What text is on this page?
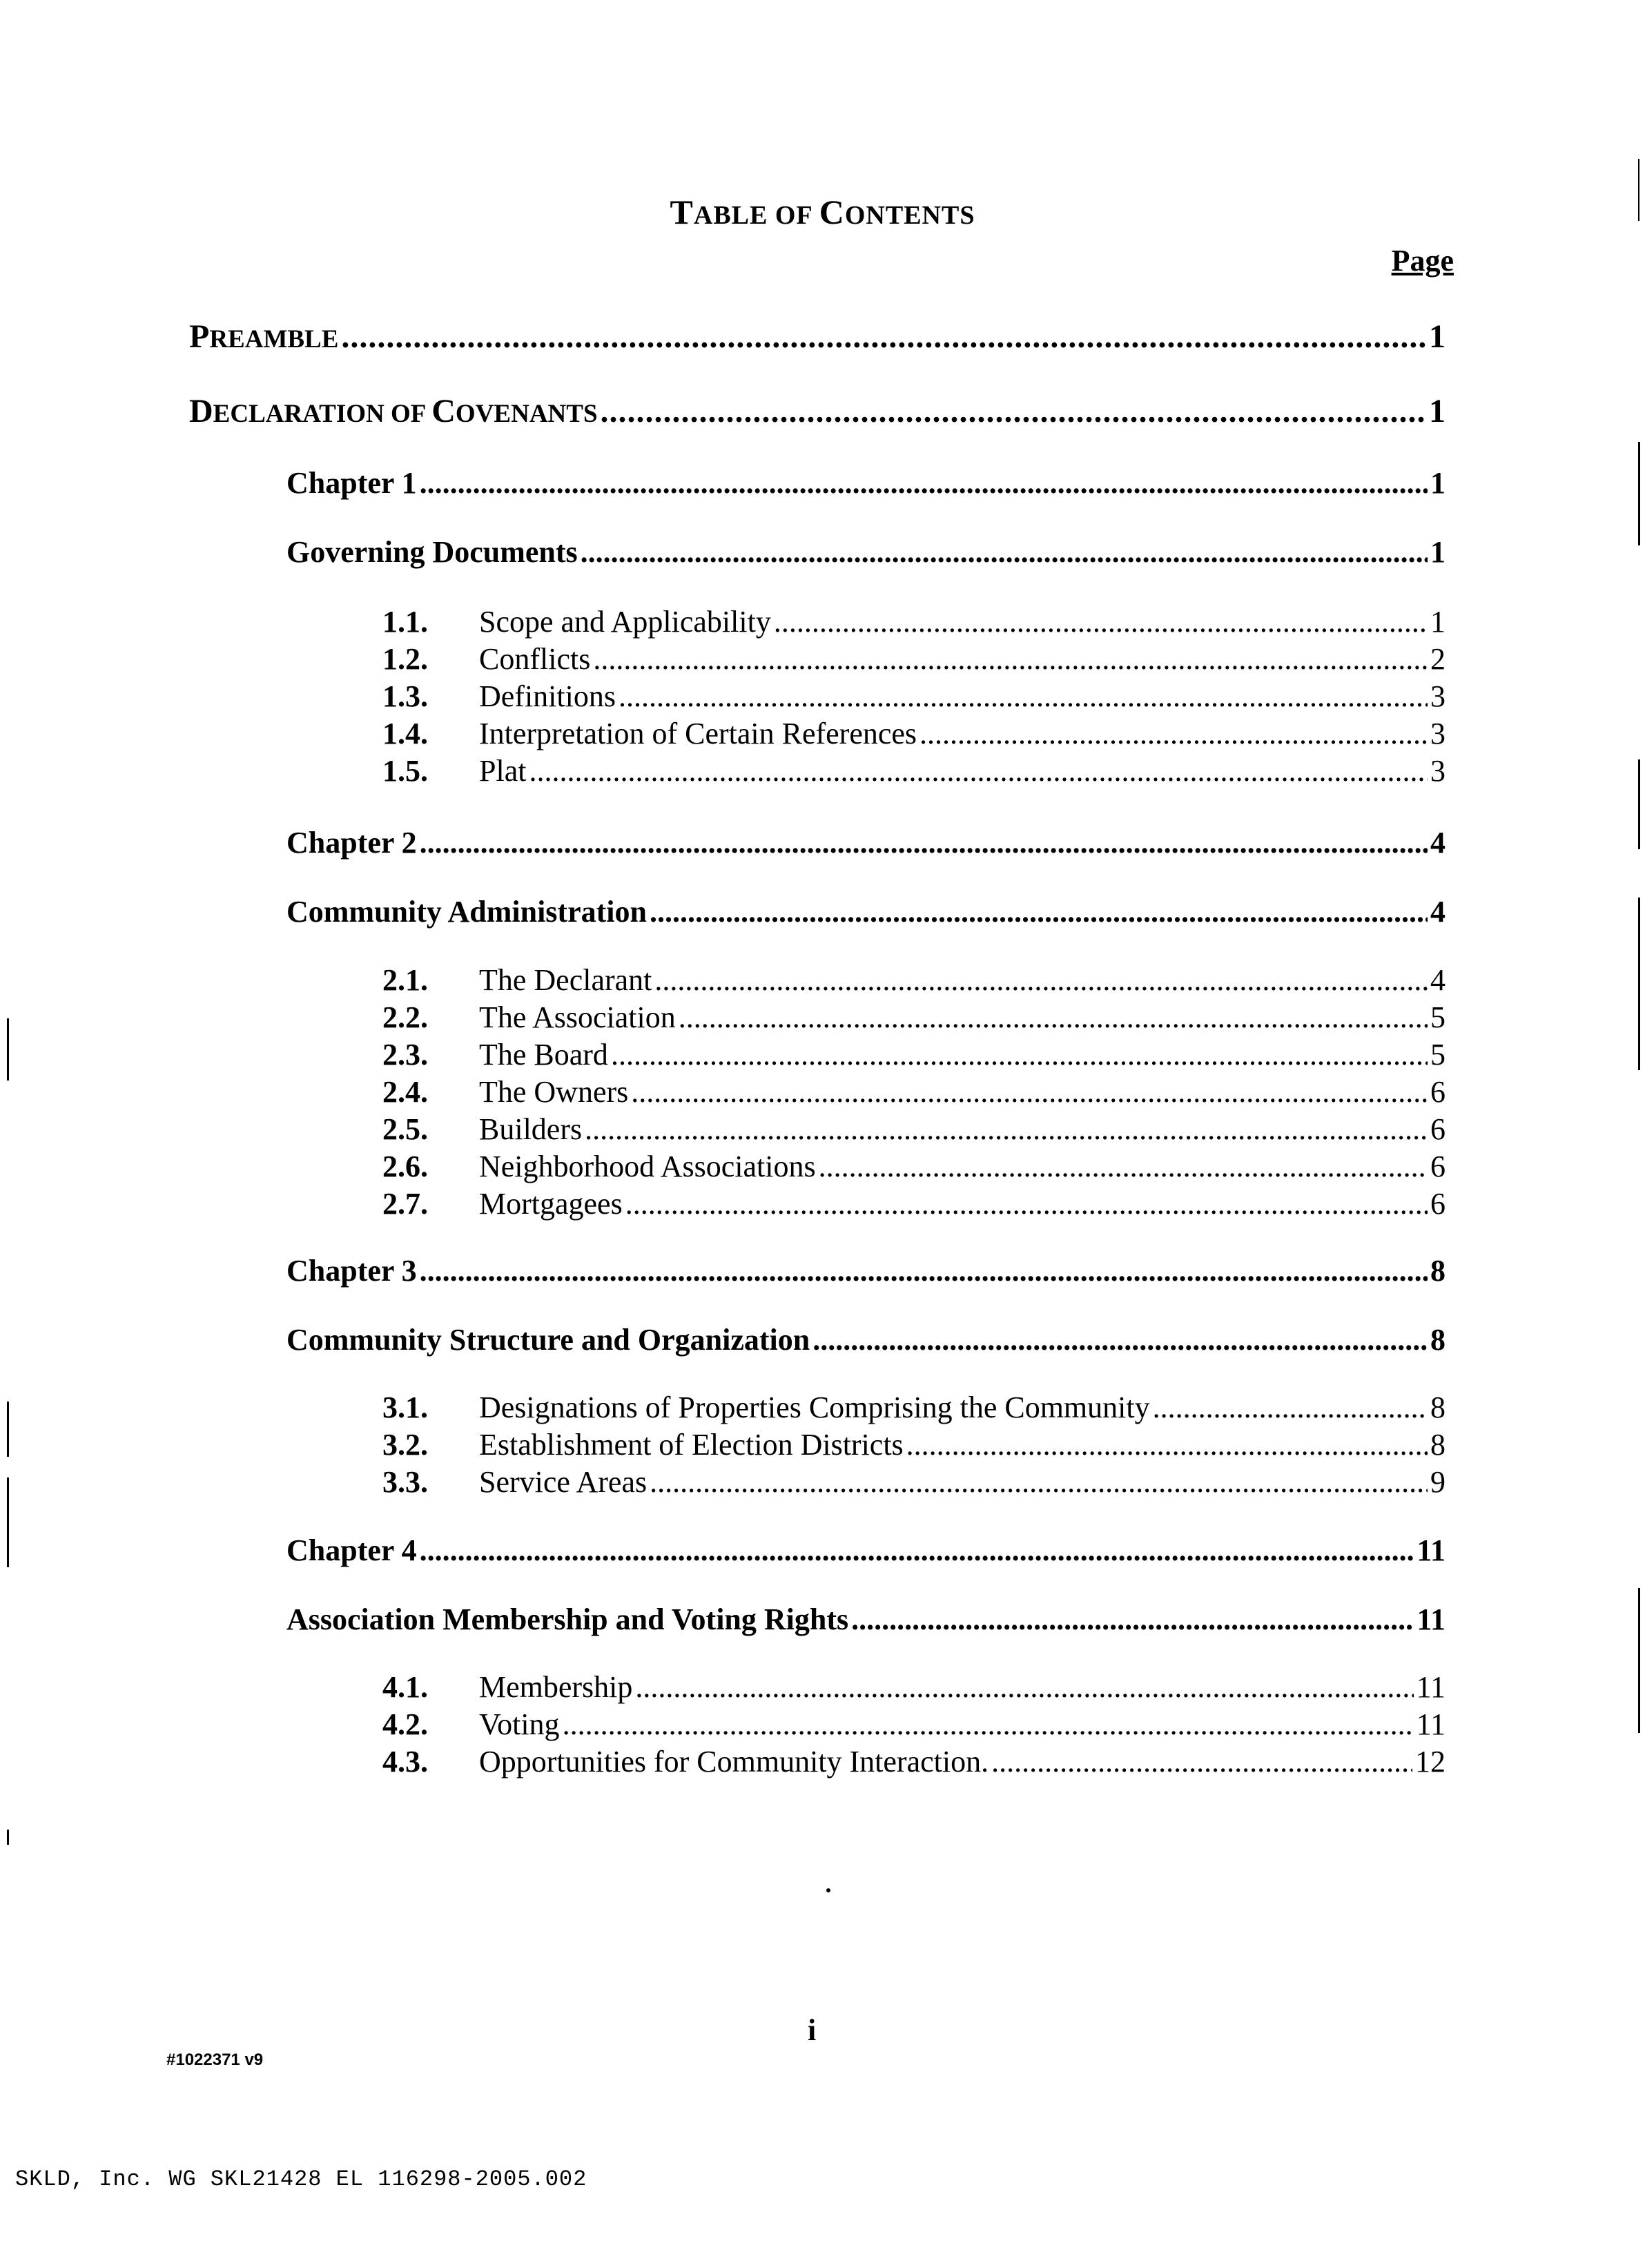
TABLE OF CONTENTS
Page
PREAMBLE .....	1
DECLARATION OF COVENANTS .....	1
Chapter 1 .....	1
Governing Documents .....	1
1.1.	Scope and Applicability .....	1
1.2.	Conflicts .....	2
1.3.	Definitions .....	3
1.4.	Interpretation of Certain References .....	3
1.5.	Plat .....	3
Chapter 2 .....	4
Community Administration .....	4
2.1.	The Declarant .....	4
2.2.	The Association .....	5
2.3.	The Board .....	5
2.4.	The Owners .....	6
2.5.	Builders .....	6
2.6.	Neighborhood Associations .....	6
2.7.	Mortgagees .....	6
Chapter 3 .....	8
Community Structure and Organization .....	8
3.1.	Designations of Properties Comprising the Community .....	8
3.2.	Establishment of Election Districts .....	8
3.3.	Service Areas .....	9
Chapter 4 .....	11
Association Membership and Voting Rights .....	11
4.1.	Membership .....	11
4.2.	Voting .....	11
4.3.	Opportunities for Community Interaction. .....	12
i
#1022371 v9
SKLD, Inc. WG SKL21428 EL 116298-2005.002
